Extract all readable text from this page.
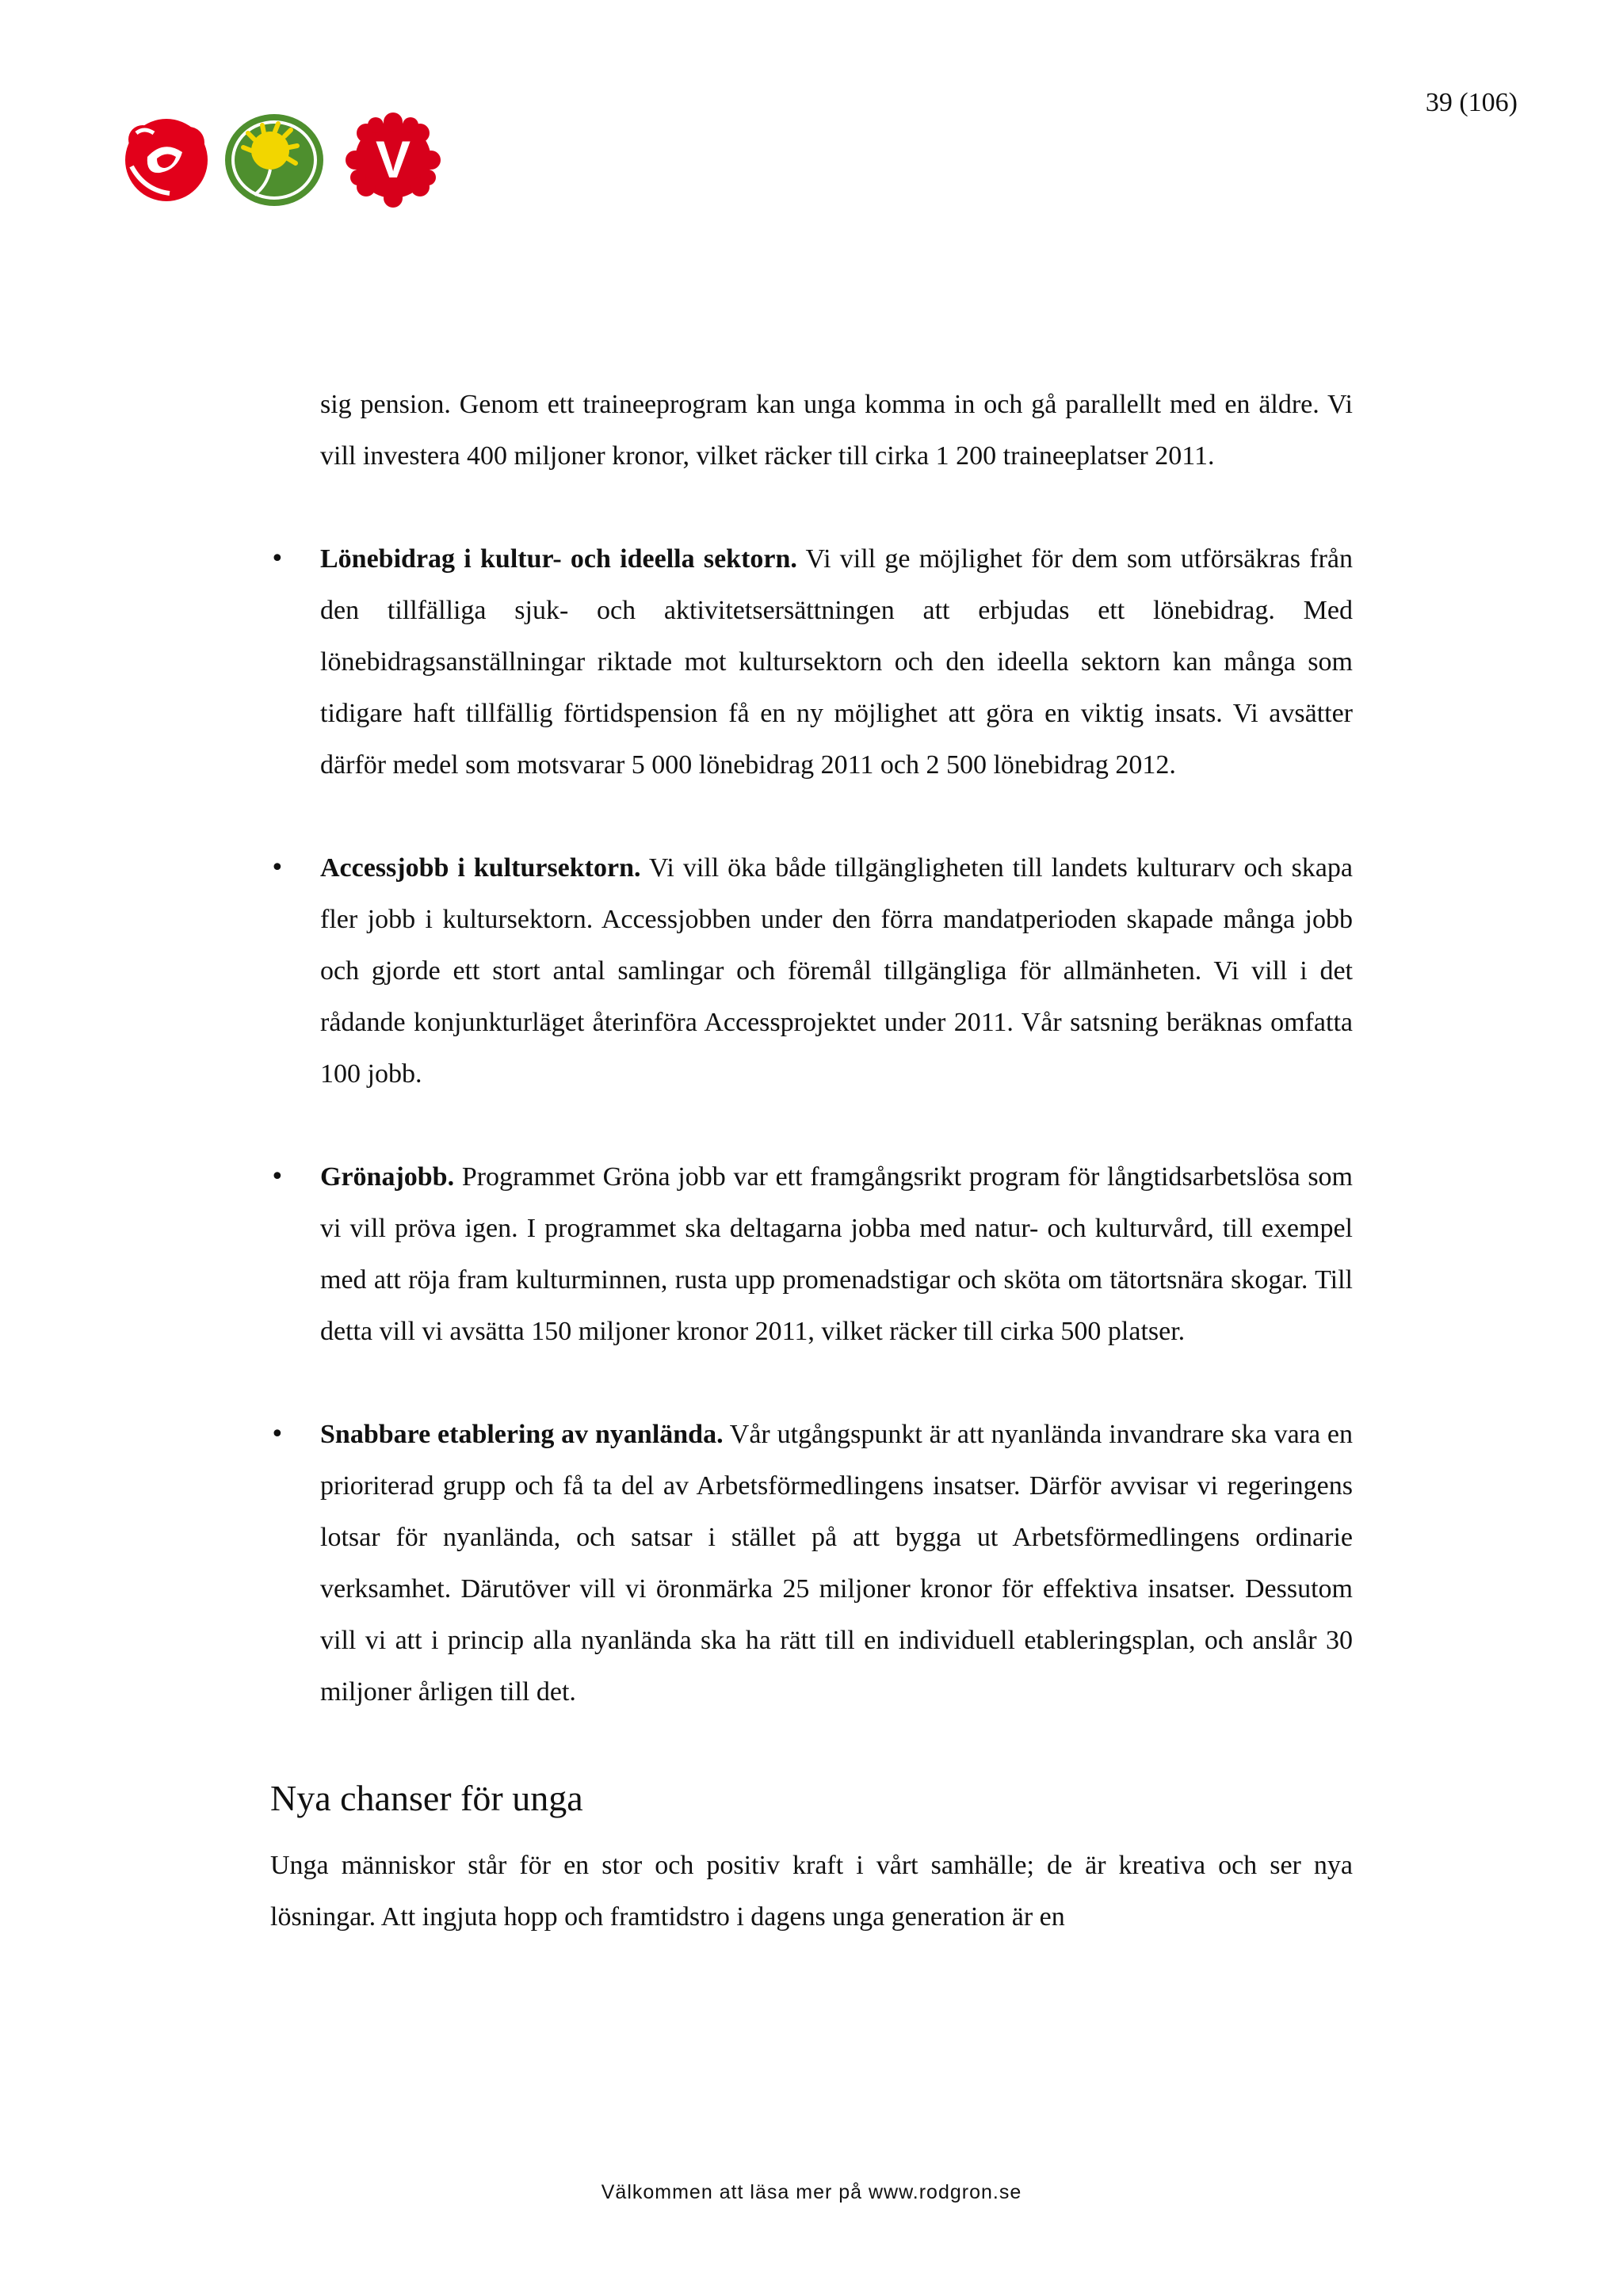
39 (106)
V

sig pension. Genom ett traineeprogram kan unga komma in och gå parallellt med en äldre. Vi vill investera 400 miljoner kronor, vilket räcker till cirka 1 200 traineeplatser 2011.

• Lönebidrag i kultur- och ideella sektorn. Vi vill ge möjlighet för dem som utförsäkras från den tillfälliga sjuk- och aktivitetsersättningen att erbjudas ett lönebidrag. Med lönebidragsanställningar riktade mot kultursektorn och den ideella sektorn kan många som tidigare haft tillfällig förtidspension få en ny möjlighet att göra en viktig insats. Vi avsätter därför medel som motsvarar 5 000 lönebidrag 2011 och 2 500 lönebidrag 2012.

• Accessjobb i kultursektorn. Vi vill öka både tillgängligheten till landets kulturarv och skapa fler jobb i kultursektorn. Accessjobben under den förra mandatperioden skapade många jobb och gjorde ett stort antal samlingar och föremål tillgängliga för allmänheten. Vi vill i det rådande konjunkturläget återinföra Accessprojektet under 2011. Vår satsning beräknas omfatta 100 jobb.

• Grönajobb. Programmet Gröna jobb var ett framgångsrikt program för långtidsarbetslösa som vi vill pröva igen. I programmet ska deltagarna jobba med natur- och kulturvård, till exempel med att röja fram kulturminnen, rusta upp promenadstigar och sköta om tätortsnära skogar. Till detta vill vi avsätta 150 miljoner kronor 2011, vilket räcker till cirka 500 platser.

• Snabbare etablering av nyanlända. Vår utgångspunkt är att nyanlända invandrare ska vara en prioriterad grupp och få ta del av Arbetsförmedlingens insatser. Därför avvisar vi regeringens lotsar för nyanlända, och satsar i stället på att bygga ut Arbetsförmedlingens ordinarie verksamhet. Därutöver vill vi öronmärka 25 miljoner kronor för effektiva insatser. Dessutom vill vi att i princip alla nyanlända ska ha rätt till en individuell etableringsplan, och anslår 30 miljoner årligen till det.

Nya chanser för unga

Unga människor står för en stor och positiv kraft i vårt samhälle; de är kreativa och ser nya lösningar. Att ingjuta hopp och framtidstro i dagens unga generation är en

Välkommen att läsa mer på www.rodgron.se
